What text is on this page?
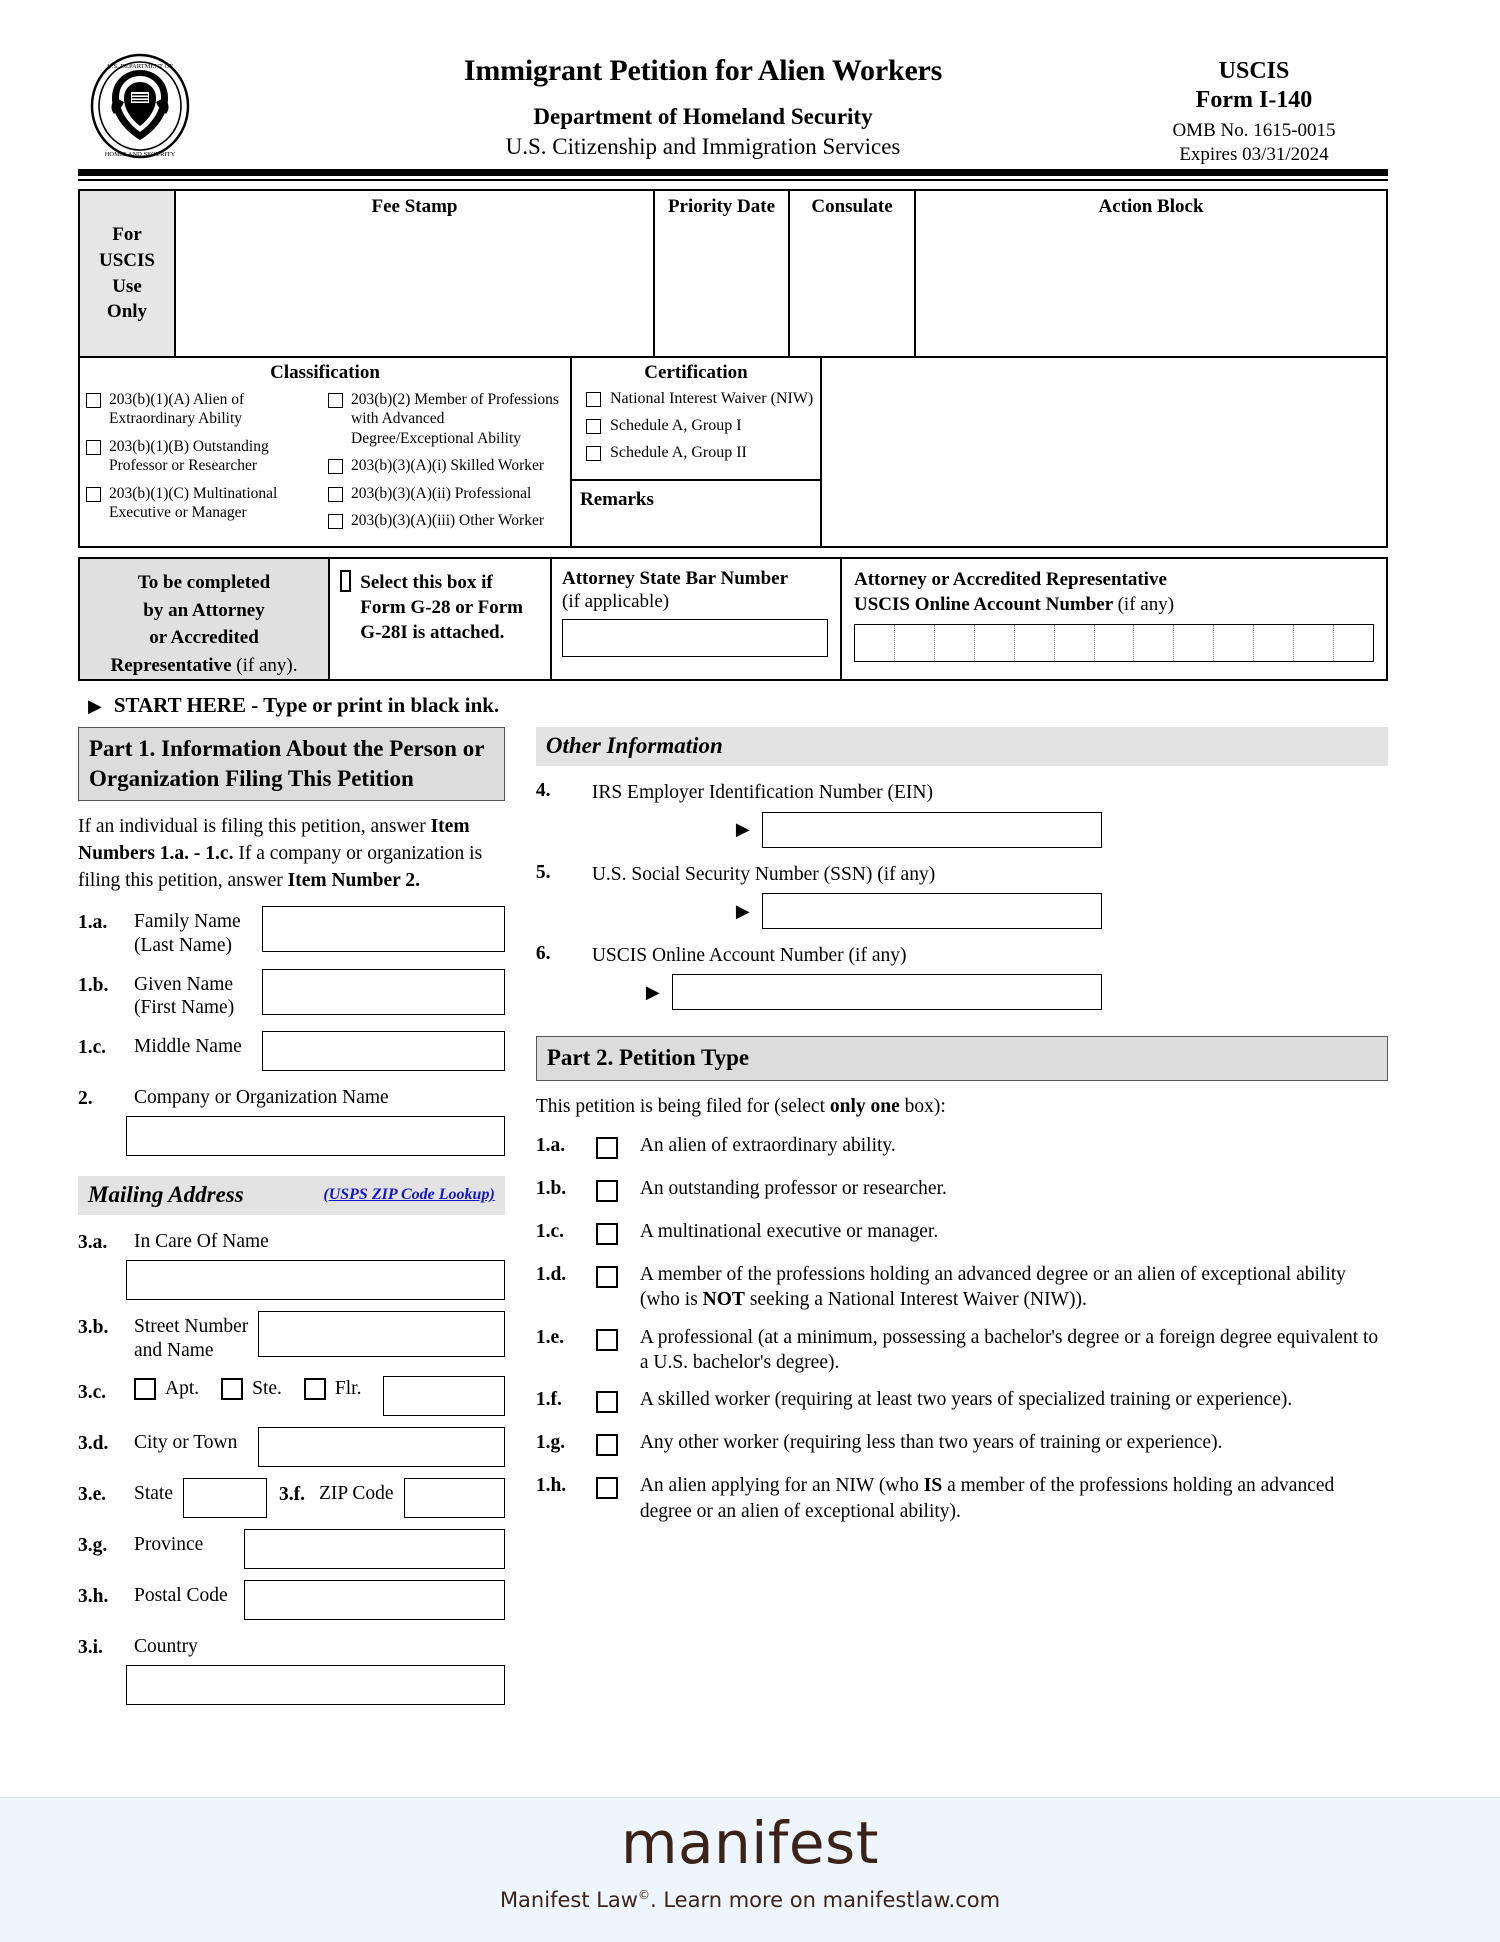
U.S. DEPARTMENT OF
HOMELAND SECURITY
Immigrant Petition for Alien Workers
Department of Homeland Security
U.S. Citizenship and Immigration Services
USCIS
Form I-140
OMB No. 1615-0015
Expires 03/31/2024
For
USCIS
Use
Only
Fee Stamp	Priority Date	Consulate	Action Block
Classification
203(b)(1)(A) Alien of Extraordinary Ability
203(b)(1)(B) Outstanding Professor or Researcher
203(b)(1)(C) Multinational Executive or Manager
203(b)(2) Member of Professions with Advanced Degree/Exceptional Ability
203(b)(3)(A)(i) Skilled Worker
203(b)(3)(A)(ii) Professional
203(b)(3)(A)(iii) Other Worker
Certification
National Interest Waiver (NIW)
Schedule A, Group I
Schedule A, Group II
Remarks
To be completed
by an Attorney
or Accredited
Representative (if any).
Select this box if Form G-28 or Form G-28I is attached.
Attorney State Bar Number
(if applicable)
Attorney or Accredited Representative
USCIS Online Account Number (if any)
▶ START HERE - Type or print in black ink.
Part 1. Information About the Person or Organization Filing This Petition
If an individual is filing this petition, answer Item Numbers 1.a. - 1.c. If a company or organization is filing this petition, answer Item Number 2.
1.a.	Family Name
(Last Name)
1.b.	Given Name
(First Name)
1.c.	Middle Name
2.	Company or Organization Name
Mailing Address	(USPS ZIP Code Lookup)
3.a.	In Care Of Name
3.b.	Street Number
and Name
3.c.	Apt.	Ste.	Flr.
3.d.	City or Town
3.e.	State	3.f. ZIP Code
3.g.	Province
3.h.	Postal Code
3.i.	Country
Other Information
4.	IRS Employer Identification Number (EIN)
▶
5.	U.S. Social Security Number (SSN) (if any)
▶
6.	USCIS Online Account Number (if any)
▶
Part 2. Petition Type
This petition is being filed for (select only one box):
1.a.	An alien of extraordinary ability.
1.b.	An outstanding professor or researcher.
1.c.	A multinational executive or manager.
1.d.	A member of the professions holding an advanced degree or an alien of exceptional ability (who is NOT seeking a National Interest Waiver (NIW)).
1.e.	A professional (at a minimum, possessing a bachelor's degree or a foreign degree equivalent to a U.S. bachelor's degree).
1.f.	A skilled worker (requiring at least two years of specialized training or experience).
1.g.	Any other worker (requiring less than two years of training or experience).
1.h.	An alien applying for an NIW (who IS a member of the professions holding an advanced degree or an alien of exceptional ability).
manifest
Manifest Law©. Learn more on manifestlaw.com
